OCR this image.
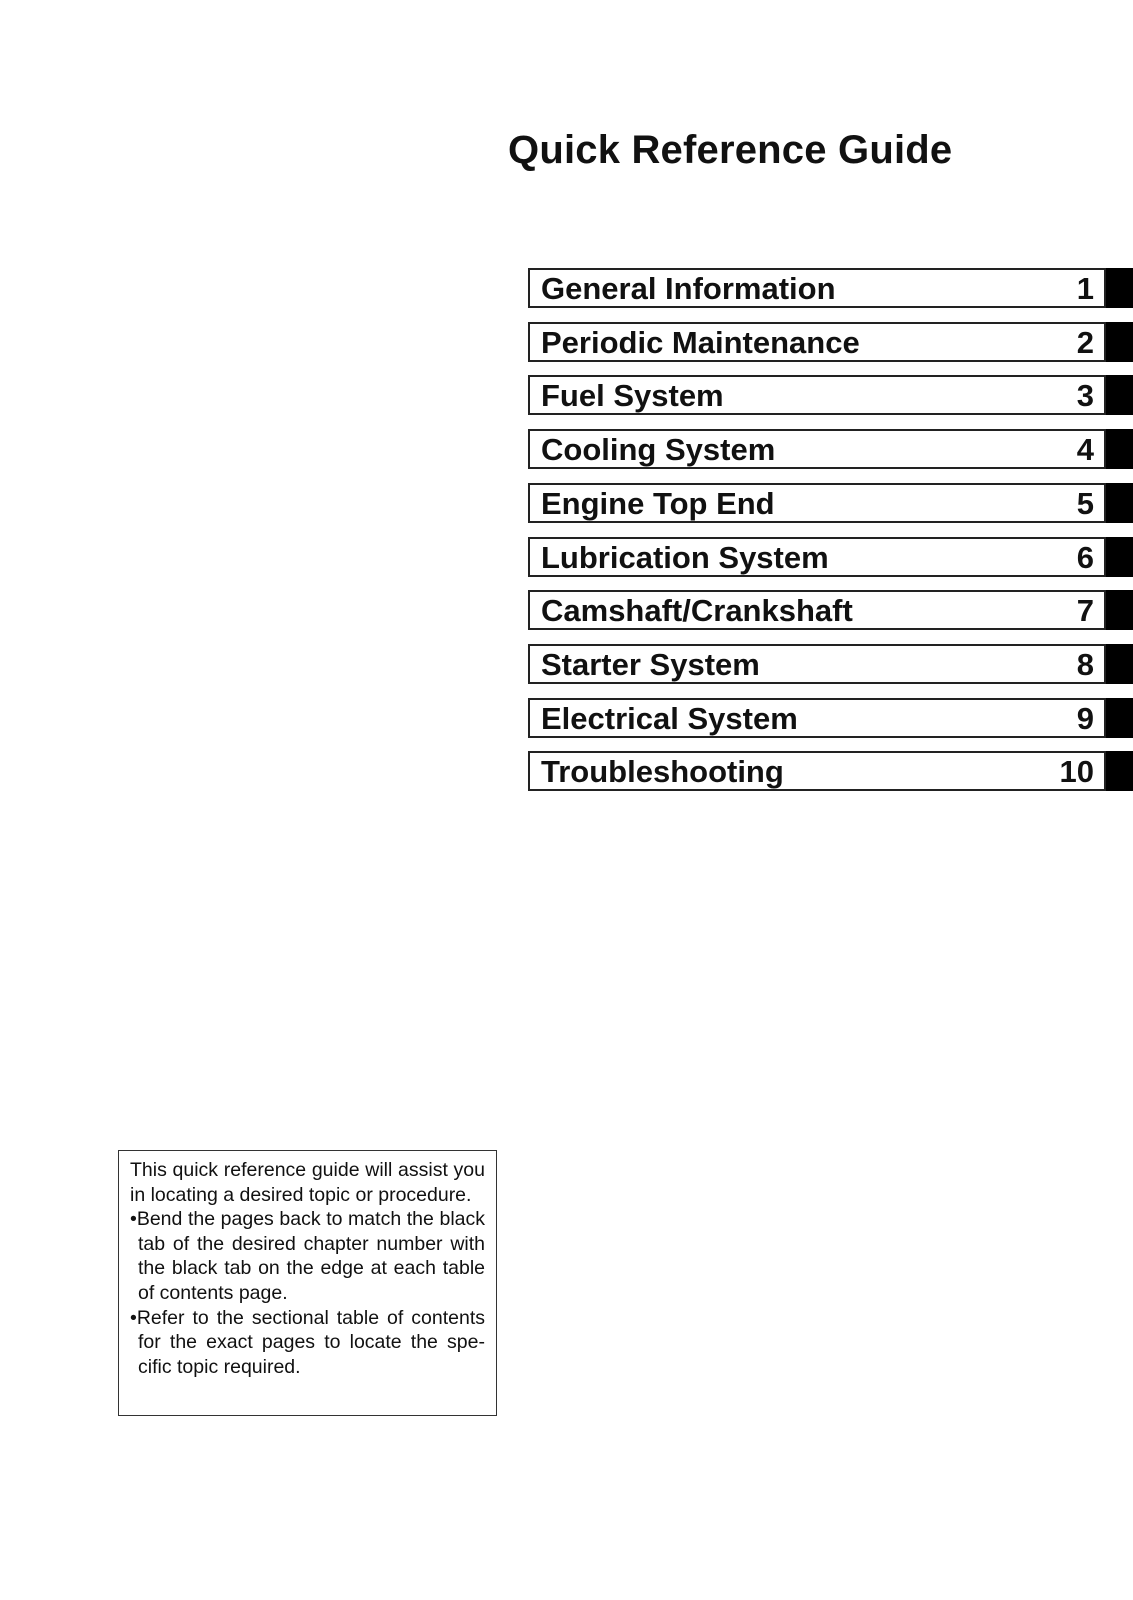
Quick Reference Guide
General Information	1
Periodic Maintenance	2
Fuel System	3
Cooling System	4
Engine Top End	5
Lubrication System	6
Camshaft/Crankshaft	7
Starter System	8
Electrical System	9
Troubleshooting	10

This quick reference guide will assist you in locating a desired topic or procedure.

•Bend the pages back to match the black tab of the desired chapter number with the black tab on the edge at each table of contents page.

•Refer to the sectional table of contents for the exact pages to locate the specific topic required.
